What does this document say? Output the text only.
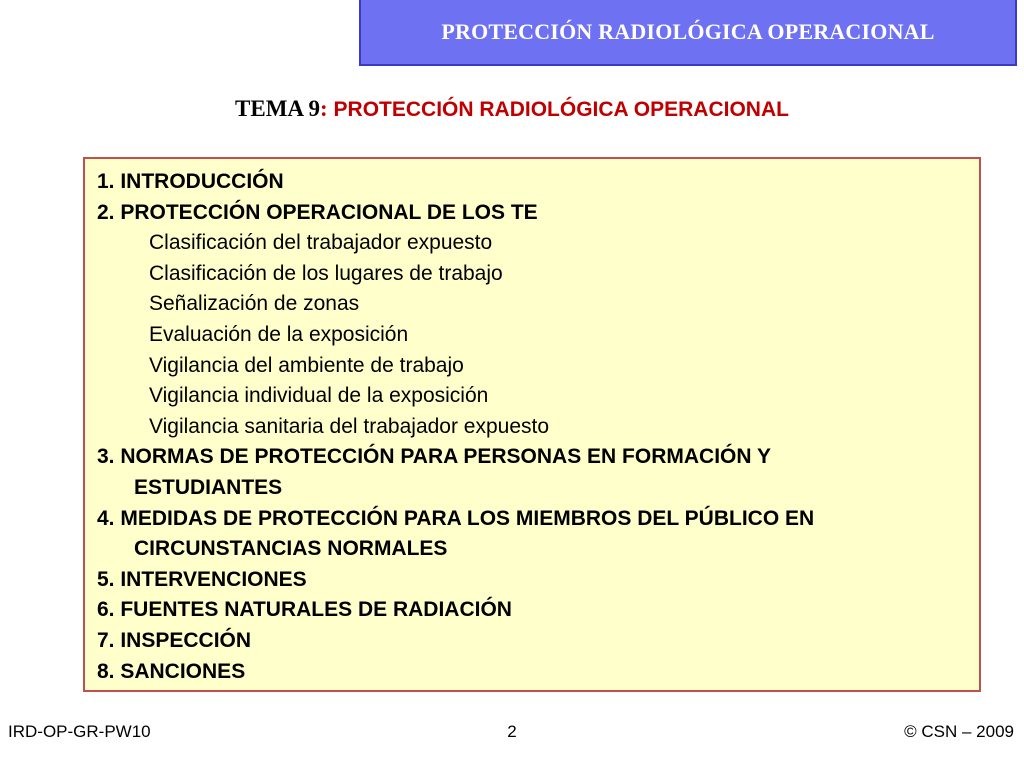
PROTECCIÓN RADIOLÓGICA OPERACIONAL
TEMA 9: PROTECCIÓN RADIOLÓGICA OPERACIONAL
1. INTRODUCCIÓN
2. PROTECCIÓN OPERACIONAL DE LOS TE
Clasificación del trabajador expuesto
Clasificación de los lugares de trabajo
Señalización de zonas
Evaluación de la exposición
Vigilancia del ambiente de trabajo
Vigilancia individual de la exposición
Vigilancia sanitaria del trabajador expuesto
3. NORMAS DE PROTECCIÓN PARA PERSONAS EN FORMACIÓN Y
ESTUDIANTES
4. MEDIDAS DE PROTECCIÓN PARA LOS MIEMBROS DEL PÚBLICO EN
CIRCUNSTANCIAS NORMALES
5. INTERVENCIONES
6. FUENTES NATURALES DE RADIACIÓN
7. INSPECCIÓN
8. SANCIONES
IRD-OP-GR-PW10	2	© CSN – 2009
